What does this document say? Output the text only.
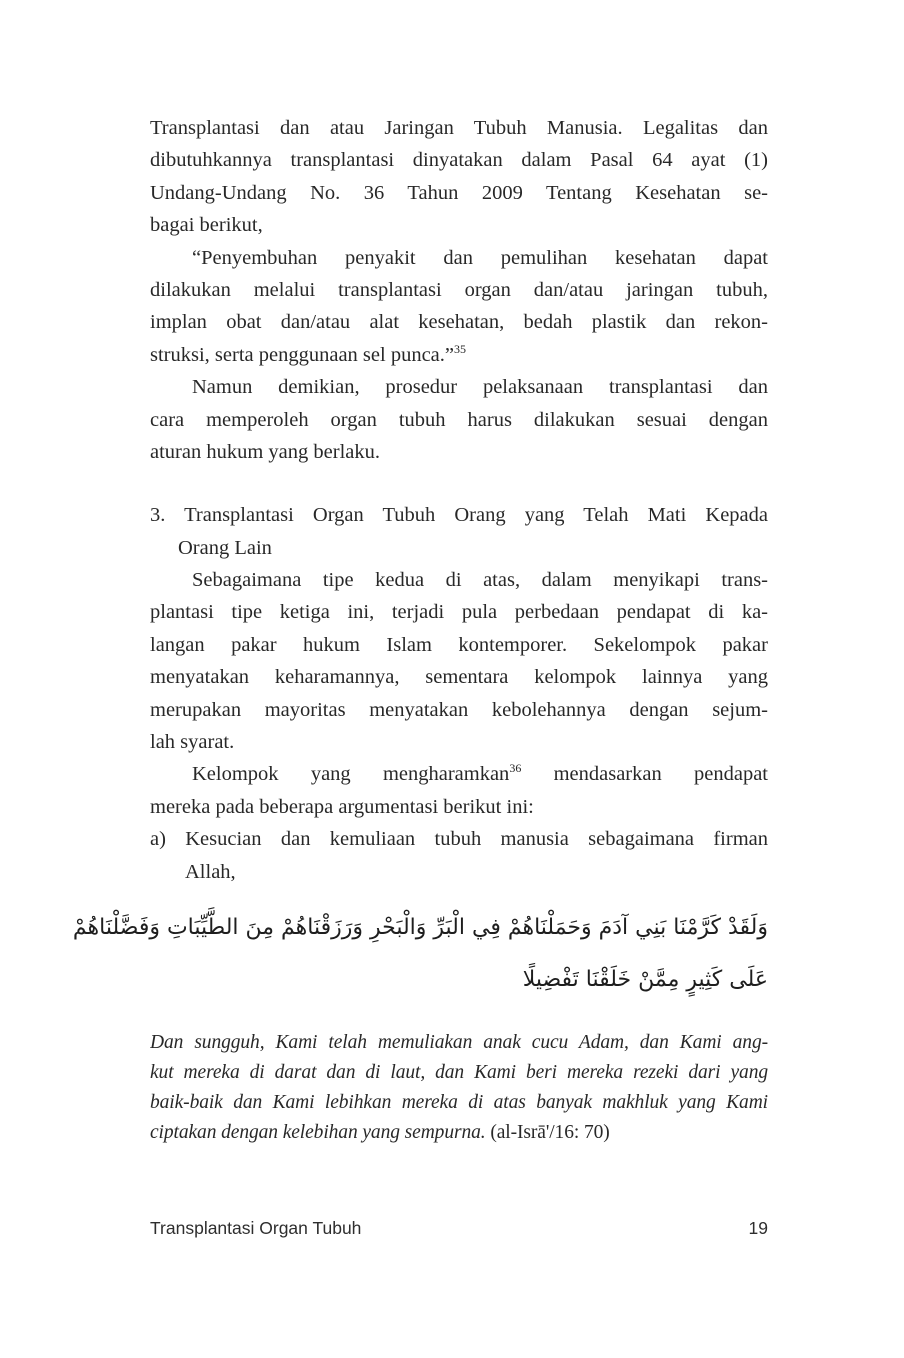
Transplantasi dan atau Jaringan Tubuh Manusia. Legalitas dan
dibutuhkannya transplantasi dinyatakan dalam Pasal 64 ayat (1)
Undang-Undang No. 36 Tahun 2009 Tentang Kesehatan se-
bagai berikut,
“Penyembuhan penyakit dan pemulihan kesehatan dapat
dilakukan melalui transplantasi organ dan/atau jaringan tubuh,
implan obat dan/atau alat kesehatan, bedah plastik dan rekon-
struksi, serta penggunaan sel punca.”$^{35}$
Namun demikian, prosedur pelaksanaan transplantasi dan
cara memperoleh organ tubuh harus dilakukan sesuai dengan
aturan hukum yang berlaku.
3. Transplantasi Organ Tubuh Orang yang Telah Mati Kepada
Orang Lain
Sebagaimana tipe kedua di atas, dalam menyikapi trans-
plantasi tipe ketiga ini, terjadi pula perbedaan pendapat di ka-
langan pakar hukum Islam kontemporer. Sekelompok pakar
menyatakan keharamannya, sementara kelompok lainnya yang
merupakan mayoritas menyatakan kebolehannya dengan sejum-
lah syarat.
Kelompok yang mengharamkan$^{36}$ mendasarkan pendapat
mereka pada beberapa argumentasi berikut ini:
a) Kesucian dan kemuliaan tubuh manusia sebagaimana firman
Allah,
وَلَقَدْ كَرَّمْنَا بَنِي آدَمَ وَحَمَلْنَاهُمْ فِي الْبَرِّ وَالْبَحْرِ وَرَزَقْنَاهُمْ مِنَ الطَّيِّبَاتِ وَفَضَّلْنَاهُمْ
عَلَى كَثِيرٍ مِمَّنْ خَلَقْنَا تَفْضِيلًا
Dan sungguh, Kami telah memuliakan anak cucu Adam, dan Kami ang-
kut mereka di darat dan di laut, dan Kami beri mereka rezeki dari yang
baik-baik dan Kami lebihkan mereka di atas banyak makhluk yang Kami
ciptakan dengan kelebihan yang sempurna. (al-Isrā'/16: 70)
Transplantasi Organ Tubuh	19
